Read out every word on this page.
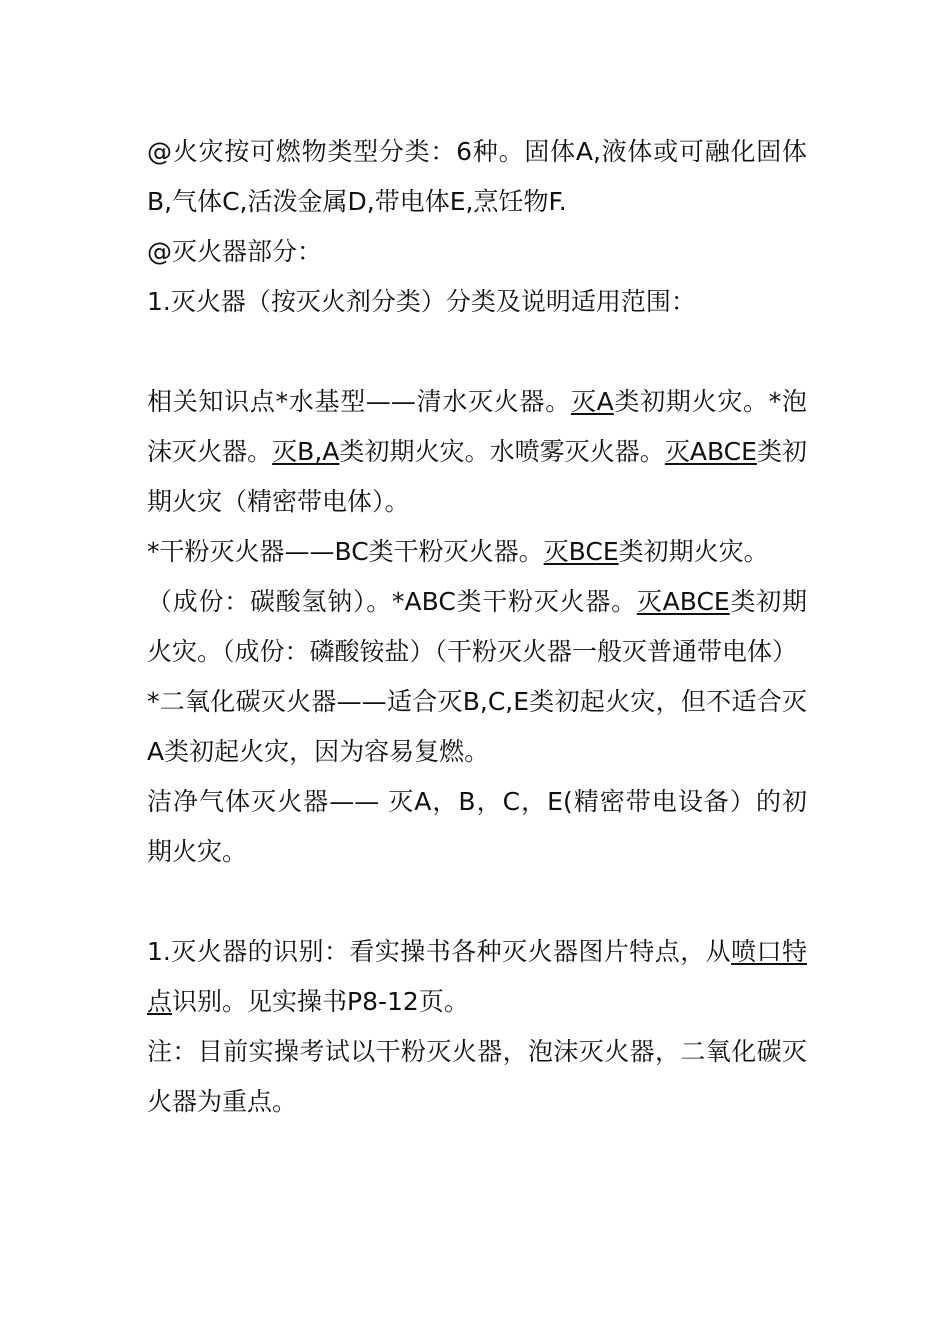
@火灾按可燃物类型分类：6种。固体A,液体或可融化固体B,气体C,活泼金属D,带电体E,烹饪物F.

@灭火器部分：

1.灭火器（按灭火剂分类）分类及说明适用范围：

相关知识点*水基型——清水灭火器。灭A类初期火灾。*泡沫灭火器。灭B,A类初期火灾。水喷雾灭火器。灭ABCE类初期火灾（精密带电体）。

*干粉灭火器——BC类干粉灭火器。灭BCE类初期火灾。

（成份：碳酸氢钠）。*ABC类干粉灭火器。灭ABCE类初期火灾。（成份：磷酸铵盐）（干粉灭火器一般灭普通带电体）

*二氧化碳灭火器——适合灭B,C,E类初起火灾，但不适合灭A类初起火灾，因为容易复燃。

洁净气体灭火器—— 灭A，B，C，E(精密带电设备）的初期火灾。

1.灭火器的识别：看实操书各种灭火器图片特点，从喷口特点识别。见实操书P8-12页。

注：目前实操考试以干粉灭火器，泡沫灭火器，二氧化碳灭火器为重点。
